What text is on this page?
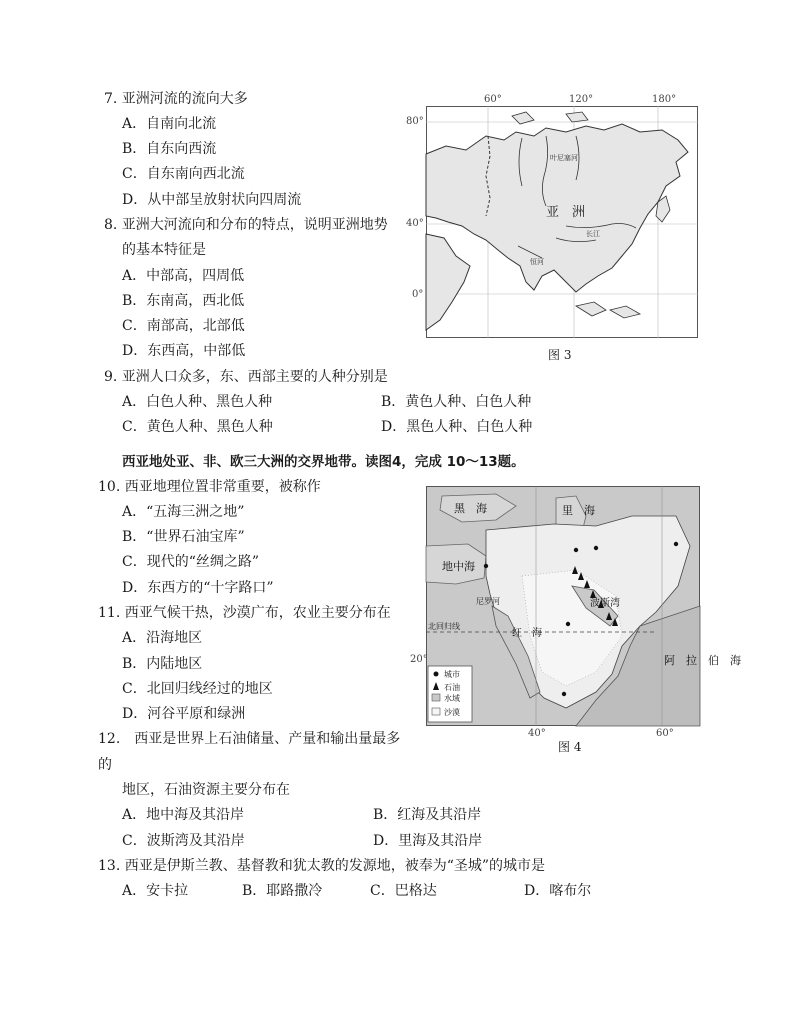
7. 亚洲河流的流向大多
A．自南向北流
B．自东向西流
C．自东南向西北流
D．从中部呈放射状向四周流
8. 亚洲大河流向和分布的特点，说明亚洲地势
的基本特征是
A．中部高，四周低
B．东南高，西北低
C．南部高，北部低
D．东西高，中部低
9. 亚洲人口众多，东、西部主要的人种分别是
A．白色人种、黑色人种	B．黄色人种、白色人种
C．黄色人种、黑色人种	D．黑色人种、白色人种
西亚地处亚、非、欧三大洲的交界地带。读图4，完成 10～13题。
10. 西亚地理位置非常重要，被称作
A．“五海三洲之地”
B．“世界石油宝库”
C．现代的“丝绸之路”
D．东西方的“十字路口”
11. 西亚气候干热，沙漠广布，农业主要分布在
A．沿海地区
B．内陆地区
C．北回归线经过的地区
D．河谷平原和绿洲
12.　西亚是世界上石油储量、产量和输出量最多
的
地区，石油资源主要分布在
A．地中海及其沿岸	B．红海及其沿岸
C．波斯湾及其沿岸	D．里海及其沿岸
13. 西亚是伊斯兰教、基督教和犹太教的发源地，被奉为“圣城”的城市是
A．安卡拉	B．耶路撒冷	C．巴格达	D．喀布尔
60°	120°	180°
80°
40°
0°
亚　洲
叶尼塞河
长江
恒河
图 3
黑　海	里　海
地中海
红　海
波斯湾
阿　拉　伯　海
尼罗河
北回归线
城市
石油
水域
沙漠
20°
40°	60°
图 4
